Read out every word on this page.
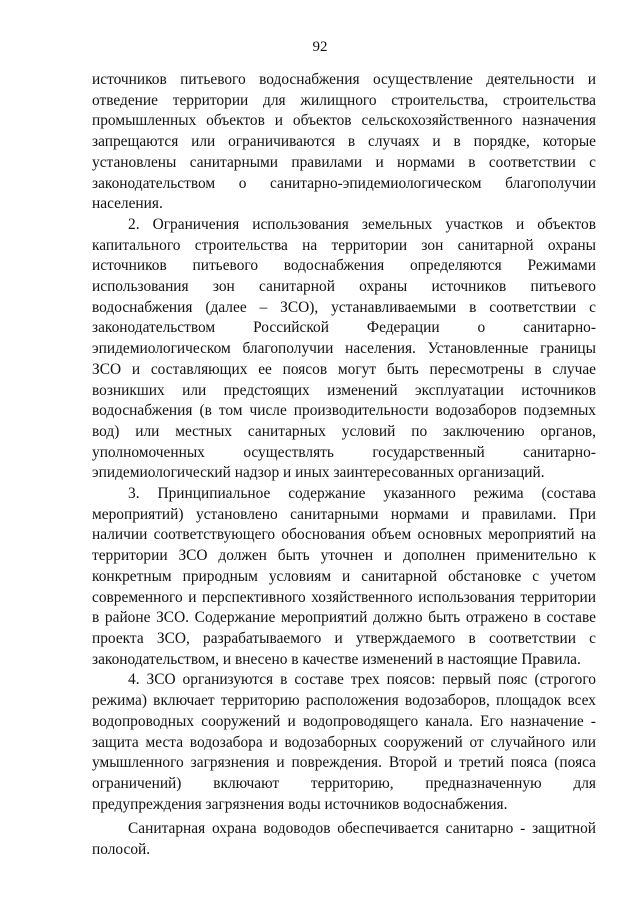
92

источников питьевого водоснабжения осуществление деятельности и отведение территории для жилищного строительства, строительства промышленных объектов и объектов сельскохозяйственного назначения запрещаются или ограничиваются в случаях и в порядке, которые установлены санитарными правилами и нормами в соответствии с законодательством о санитарно-эпидемиологическом благополучии населения.

2. Ограничения использования земельных участков и объектов капитального строительства на территории зон санитарной охраны источников питьевого водоснабжения определяются Режимами использования зон санитарной охраны источников питьевого водоснабжения (далее – ЗСО), устанавливаемыми в соответствии с законодательством Российской Федерации о санитарно-эпидемиологическом благополучии населения. Установленные границы ЗСО и составляющих ее поясов могут быть пересмотрены в случае возникших или предстоящих изменений эксплуатации источников водоснабжения (в том числе производительности водозаборов подземных вод) или местных санитарных условий по заключению органов, уполномоченных осуществлять государственный санитарно-эпидемиологический надзор и иных заинтересованных организаций.

3. Принципиальное содержание указанного режима (состава мероприятий) установлено санитарными нормами и правилами. При наличии соответствующего обоснования объем основных мероприятий на территории ЗСО должен быть уточнен и дополнен применительно к конкретным природным условиям и санитарной обстановке с учетом современного и перспективного хозяйственного использования территории в районе ЗСО. Содержание мероприятий должно быть отражено в составе проекта ЗСО, разрабатываемого и утверждаемого в соответствии с законодательством, и внесено в качестве изменений в настоящие Правила.

4. ЗСО организуются в составе трех поясов: первый пояс (строгого режима) включает территорию расположения водозаборов, площадок всех водопроводных сооружений и водопроводящего канала. Его назначение - защита места водозабора и водозаборных сооружений от случайного или умышленного загрязнения и повреждения. Второй и третий пояса (пояса ограничений) включают территорию, предназначенную для предупреждения загрязнения воды источников водоснабжения.

Санитарная охрана водоводов обеспечивается санитарно - защитной полосой.
